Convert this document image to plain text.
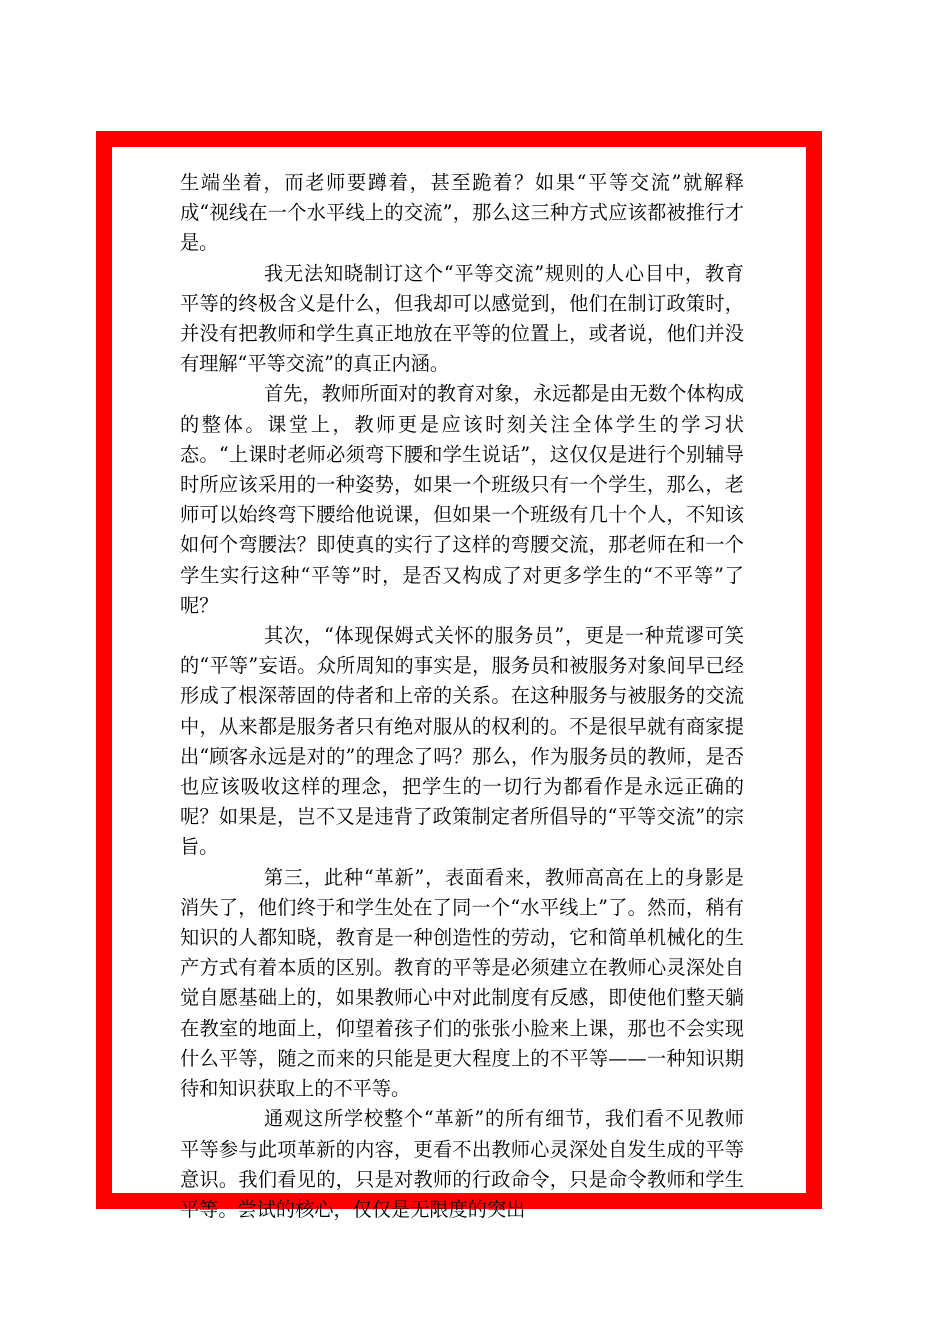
生端坐着，而老师要蹲着，甚至跪着？如果“平等交流”就解释成“视线在一个水平线上的交流”，那么这三种方式应该都被推行才是。

我无法知晓制订这个“平等交流”规则的人心目中，教育平等的终极含义是什么，但我却可以感觉到，他们在制订政策时，并没有把教师和学生真正地放在平等的位置上，或者说，他们并没有理解“平等交流”的真正内涵。

首先，教师所面对的教育对象，永远都是由无数个体构成的整体。课堂上，教师更是应该时刻关注全体学生的学习状态。“上课时老师必须弯下腰和学生说话”，这仅仅是进行个别辅导时所应该采用的一种姿势，如果一个班级只有一个学生，那么，老师可以始终弯下腰给他说课，但如果一个班级有几十个人，不知该如何个弯腰法？即使真的实行了这样的弯腰交流，那老师在和一个学生实行这种“平等”时，是否又构成了对更多学生的“不平等”了呢？

其次，“体现保姆式关怀的服务员”，更是一种荒谬可笑的“平等”妄语。众所周知的事实是，服务员和被服务对象间早已经形成了根深蒂固的侍者和上帝的关系。在这种服务与被服务的交流中，从来都是服务者只有绝对服从的权利的。不是很早就有商家提出“顾客永远是对的”的理念了吗？那么，作为服务员的教师，是否也应该吸收这样的理念，把学生的一切行为都看作是永远正确的呢？如果是，岂不又是违背了政策制定者所倡导的“平等交流”的宗旨。

第三，此种“革新”，表面看来，教师高高在上的身影是消失了，他们终于和学生处在了同一个“水平线上”了。然而，稍有知识的人都知晓，教育是一种创造性的劳动，它和简单机械化的生产方式有着本质的区别。教育的平等是必须建立在教师心灵深处自觉自愿基础上的，如果教师心中对此制度有反感，即使他们整天躺在教室的地面上，仰望着孩子们的张张小脸来上课，那也不会实现什么平等，随之而来的只能是更大程度上的不平等——一种知识期待和知识获取上的不平等。

通观这所学校整个“革新”的所有细节，我们看不见教师平等参与此项革新的内容，更看不出教师心灵深处自发生成的平等意识。我们看见的，只是对教师的行政命令，只是命令教师和学生平等。尝试的核心，仅仅是无限度的突出
